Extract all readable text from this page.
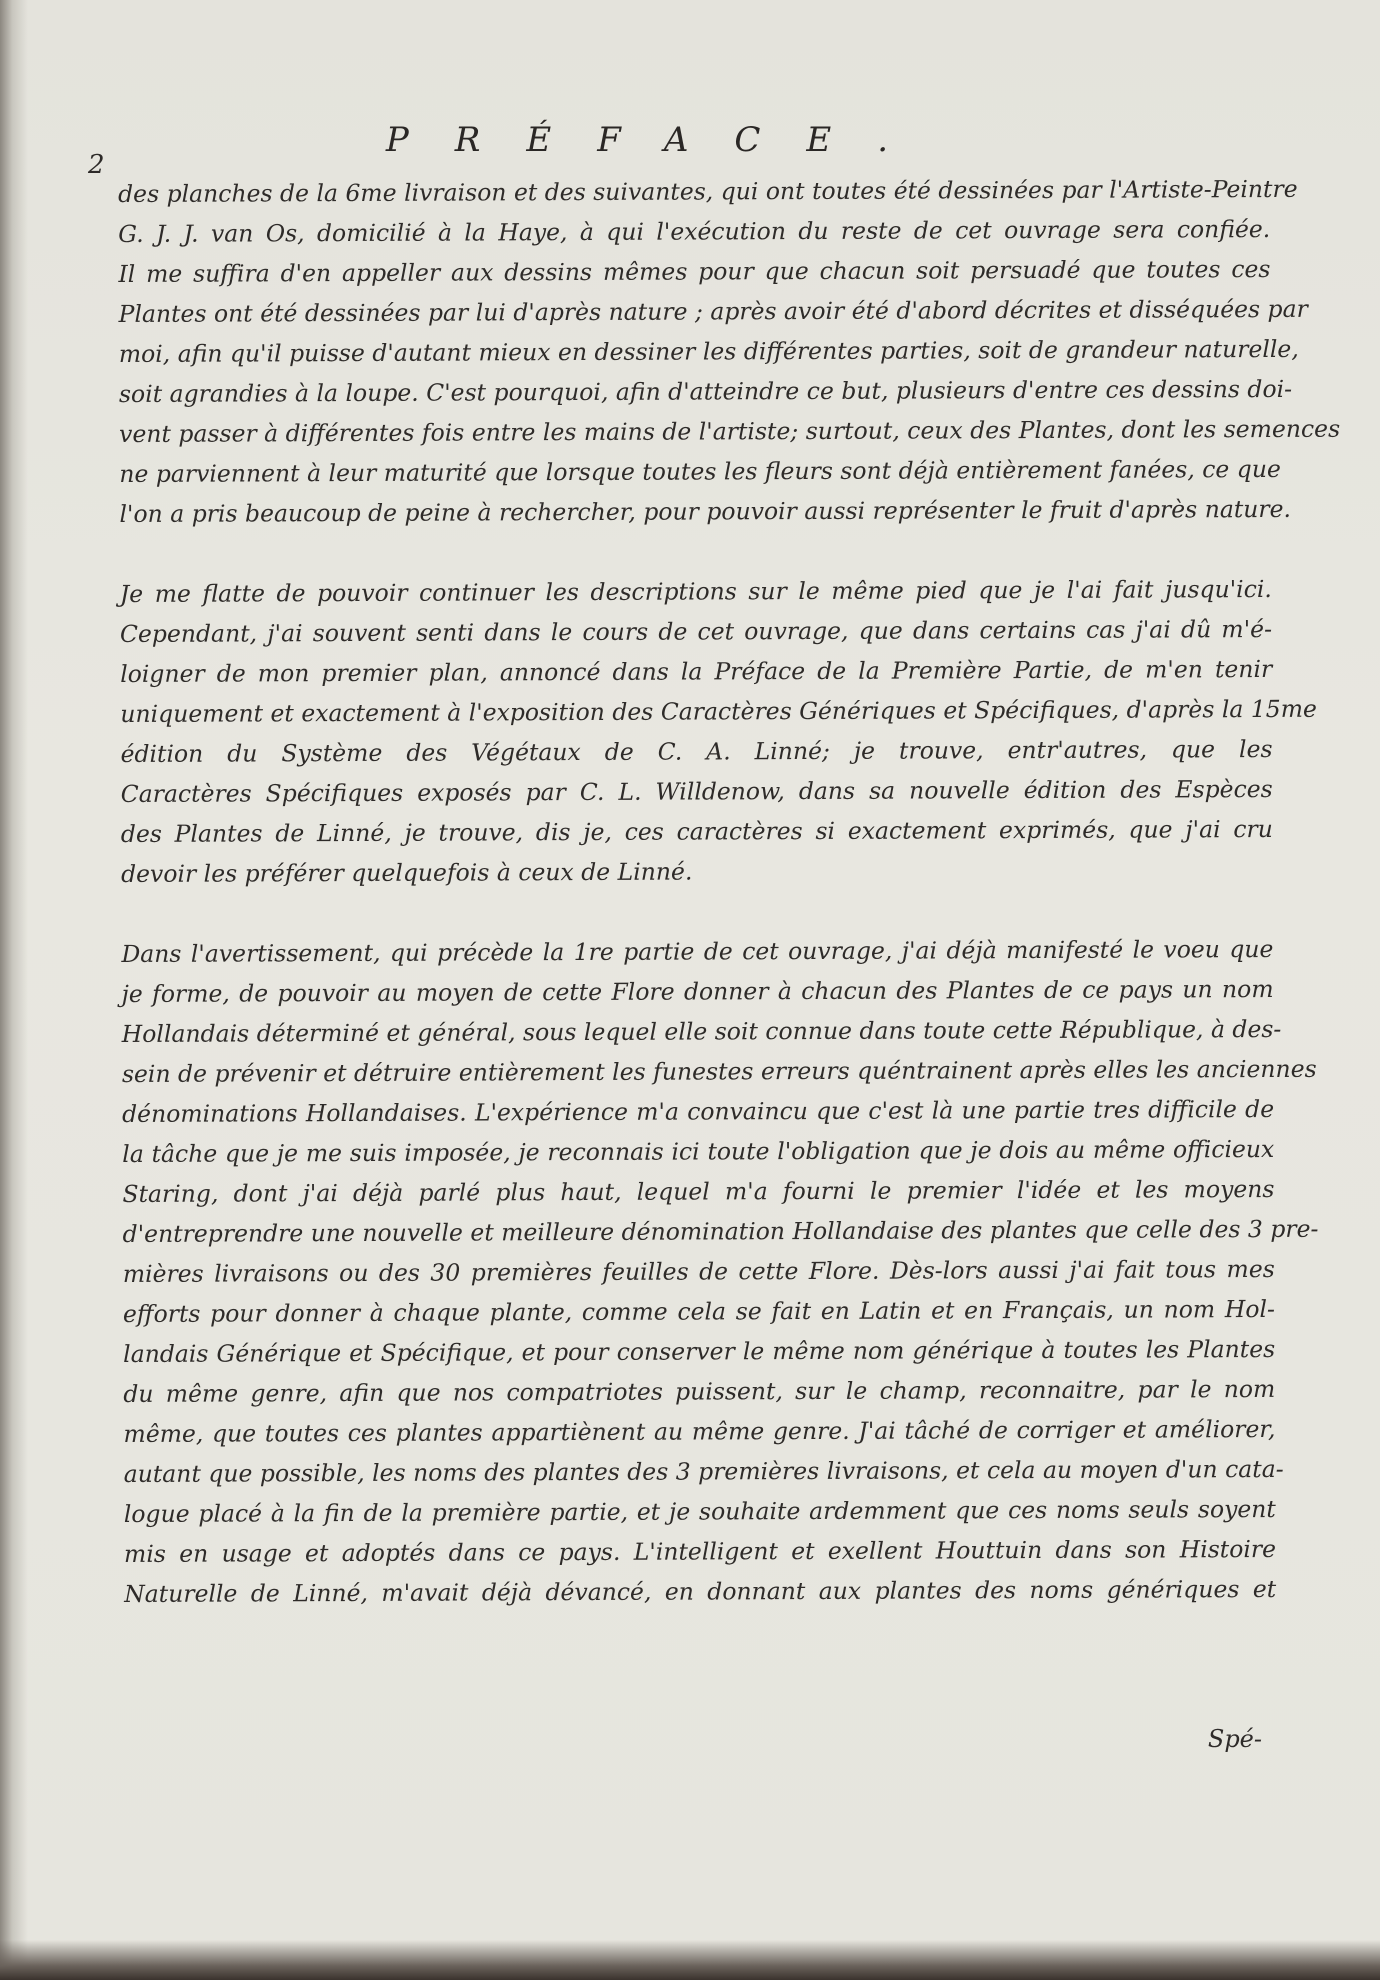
2
PRÉFACE.
des planches de la 6me livraison et des suivantes, qui ont toutes été dessinées par l'Artiste-Peintre
G. J. J. van Os, domicilié à la Haye, à qui l'exécution du reste de cet ouvrage sera confiée.
Il me suffira d'en appeller aux dessins mêmes pour que chacun soit persuadé que toutes ces
Plantes ont été dessinées par lui d'après nature ; après avoir été d'abord décrites et disséquées par
moi, afin qu'il puisse d'autant mieux en dessiner les différentes parties, soit de grandeur naturelle,
soit agrandies à la loupe. C'est pourquoi, afin d'atteindre ce but, plusieurs d'entre ces dessins doi-
vent passer à différentes fois entre les mains de l'artiste; surtout, ceux des Plantes, dont les semences
ne parviennent à leur maturité que lorsque toutes les fleurs sont déjà entièrement fanées, ce que
l'on a pris beaucoup de peine à rechercher, pour pouvoir aussi représenter le fruit d'après nature.
Je me flatte de pouvoir continuer les descriptions sur le même pied que je l'ai fait jusqu'ici.
Cependant, j'ai souvent senti dans le cours de cet ouvrage, que dans certains cas j'ai dû m'é-
loigner de mon premier plan, annoncé dans la Préface de la Première Partie, de m'en tenir
uniquement et exactement à l'exposition des Caractères Génériques et Spécifiques, d'après la 15me
édition du Système des Végétaux de C. A. Linné; je trouve, entr'autres, que les
Caractères Spécifiques exposés par C. L. Willdenow, dans sa nouvelle édition des Espèces
des Plantes de Linné, je trouve, dis je, ces caractères si exactement exprimés, que j'ai cru
devoir les préférer quelquefois à ceux de Linné.
Dans l'avertissement, qui précède la 1re partie de cet ouvrage, j'ai déjà manifesté le voeu que
je forme, de pouvoir au moyen de cette Flore donner à chacun des Plantes de ce pays un nom
Hollandais déterminé et général, sous lequel elle soit connue dans toute cette République, à des-
sein de prévenir et détruire entièrement les funestes erreurs quéntrainent après elles les anciennes
dénominations Hollandaises. L'expérience m'a convaincu que c'est là une partie tres difficile de
la tâche que je me suis imposée, je reconnais ici toute l'obligation que je dois au même officieux
Staring, dont j'ai déjà parlé plus haut, lequel m'a fourni le premier l'idée et les moyens
d'entreprendre une nouvelle et meilleure dénomination Hollandaise des plantes que celle des 3 pre-
mières livraisons ou des 30 premières feuilles de cette Flore. Dès-lors aussi j'ai fait tous mes
efforts pour donner à chaque plante, comme cela se fait en Latin et en Français, un nom Hol-
landais Générique et Spécifique, et pour conserver le même nom générique à toutes les Plantes
du même genre, afin que nos compatriotes puissent, sur le champ, reconnaitre, par le nom
même, que toutes ces plantes appartiènent au même genre. J'ai tâché de corriger et améliorer,
autant que possible, les noms des plantes des 3 premières livraisons, et cela au moyen d'un cata-
logue placé à la fin de la première partie, et je souhaite ardemment que ces noms seuls soyent
mis en usage et adoptés dans ce pays. L'intelligent et exellent Houttuin dans son Histoire
Naturelle de Linné, m'avait déjà dévancé, en donnant aux plantes des noms génériques et
Spé-
